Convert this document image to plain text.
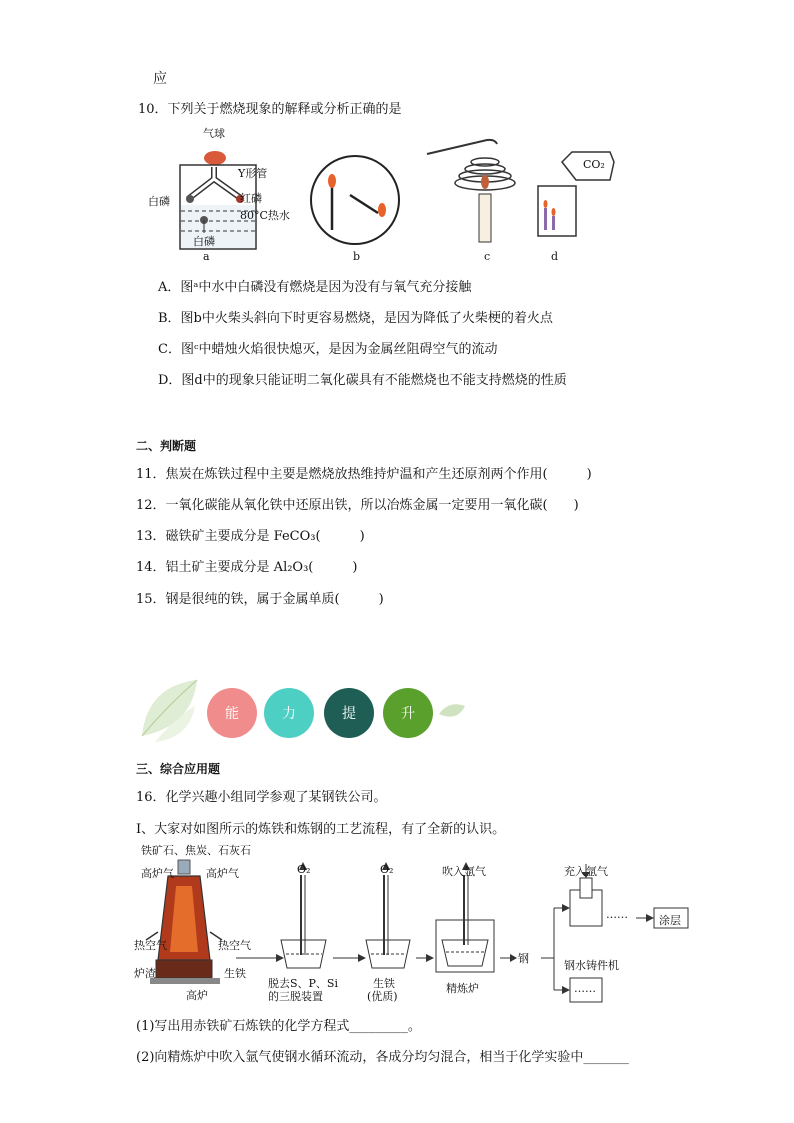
应
10．下列关于燃烧现象的解释或分析正确的是
气球
Y形管
白磷	红磷
80°C热水
白磷
a	b	c
CO₂
d
A．图ᵃ中水中白磷没有燃烧是因为没有与氧气充分接触
B．图b中火柴头斜向下时更容易燃烧，是因为降低了火柴梗的着火点
C．图ᶜ中蜡烛火焰很快熄灭，是因为金属丝阻碍空气的流动
D．图d中的现象只能证明二氧化碳具有不能燃烧也不能支持燃烧的性质
二、判断题
11．焦炭在炼铁过程中主要是燃烧放热维持炉温和产生还原剂两个作用(　　　)
12．一氧化碳能从氧化铁中还原出铁，所以冶炼金属一定要用一氧化碳(　　)
13．磁铁矿主要成分是 FeCO₃(　　　)
14．铝土矿主要成分是 Al₂O₃(　　　)
15．钢是很纯的铁，属于金属单质(　　　)
能	力	提	升
三、综合应用题
16．化学兴趣小组同学参观了某钢铁公司。
I、大家对如图所示的炼铁和炼钢的工艺流程，有了全新的认识。
铁矿石、焦炭、石灰石
高炉气	高炉气
热空气	热空气
炉渣	生铁
高炉
O₂	O₂	吹入氩气	充入氩气
脱去S、P、Si
的三脱装置
生铁
(优质)
精炼炉
钢
钢水铸件机
涂层
……
……
(1)写出用赤铁矿石炼铁的化学方程式_________。
(2)向精炼炉中吹入氩气使钢水循环流动，各成分均匀混合，相当于化学实验中_______
